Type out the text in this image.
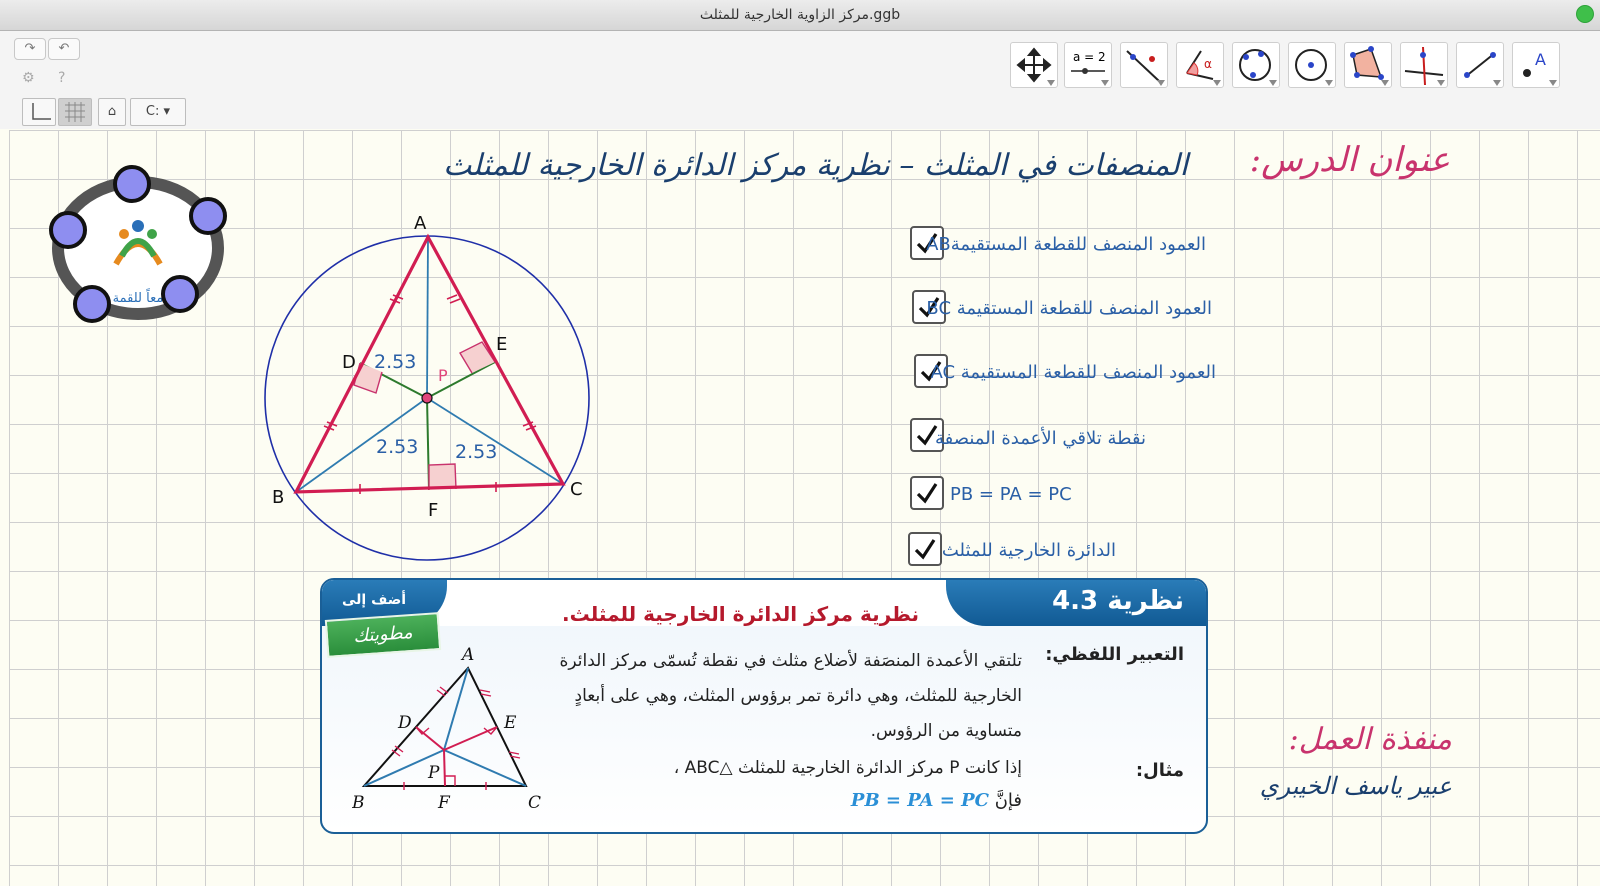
مركز الزاوية الخارجية للمثلث.ggb
↷	↶
⚙ ?
a = 2	α	A
⌂	C: ▾
معاً للقمة
عنوان الدرس:
المنصفات في المثلث – نظرية مركز الدائرة الخارجية للمثلث
A
B	C
D
E
F
P
2.53
2.53 2.53
العمود المنصف للقطعة المستقيمةAB
العمود المنصف للقطعة المستقيمة BC
العمود المنصف للقطعة المستقيمة AC
نقطة تلاقي الأعمدة المنصفة
PB = PA = PC
الدائرة الخارجية للمثلث
نظرية 4.3
نظرية مركز الدائرة الخارجية للمثلث.
أضف إلى
مطويتك
التعبير اللفظي:
تلتقي الأعمدة المنصَفة لأضلاع مثلث في نقطة تُسمّى مركز الدائرة الخارجية للمثلث، وهي دائرة تمر برؤوس المثلث، وهي على أبعادٍ متساوية من الرؤوس.
مثال:
إذا كانت P مركز الدائرة الخارجية للمثلث △ABC ،
فإنَّ PB = PA = PC
A
B	C
D	E
F
P
منفذة العمل:
عبير ياسف الخيبري
